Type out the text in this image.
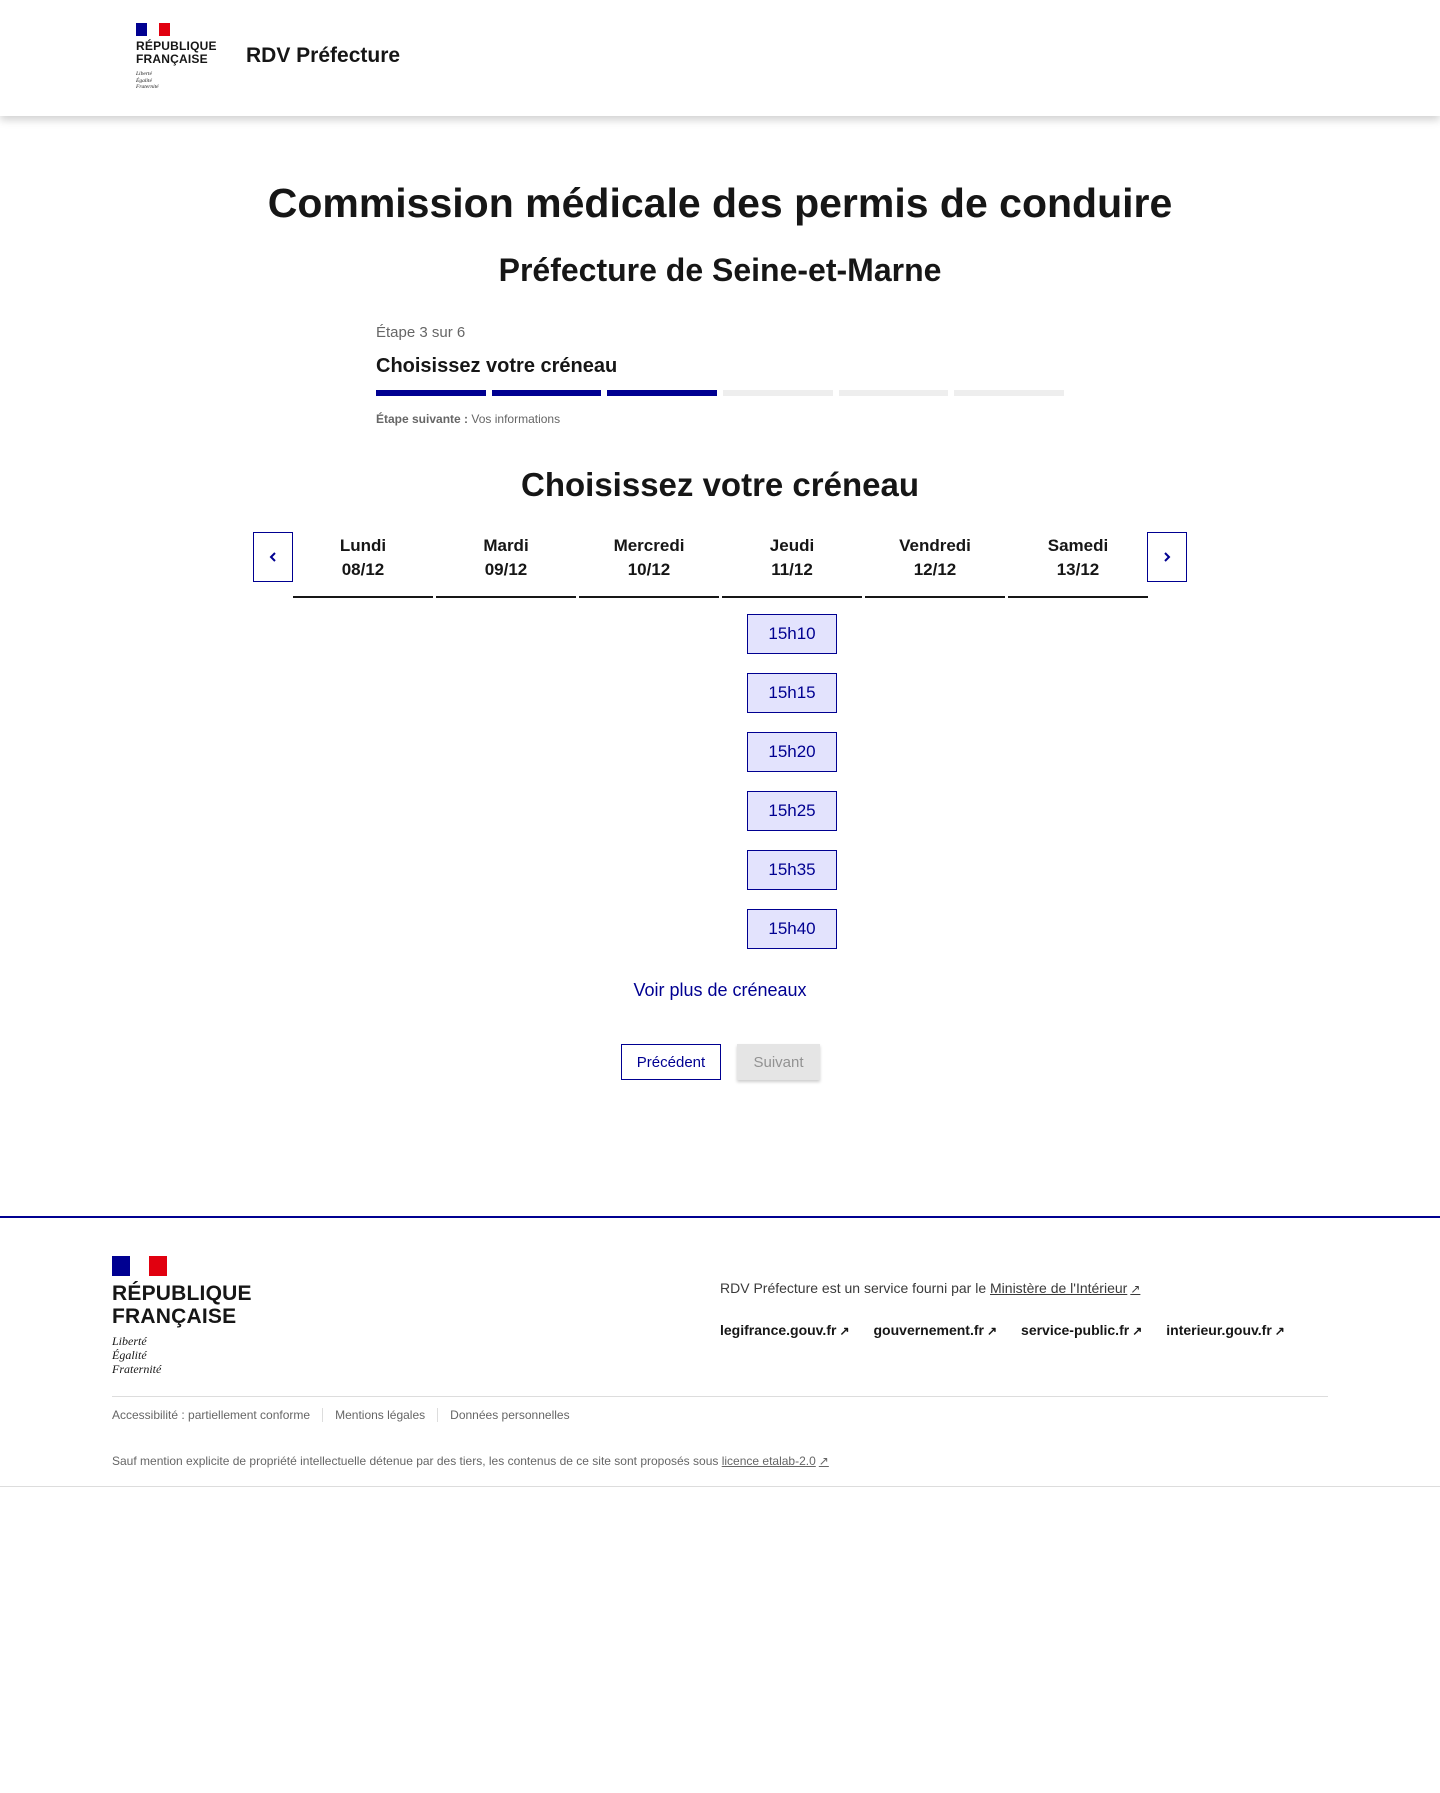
RÉPUBLIQUE
FRANÇAISE
Liberté
Égalité
Fraternité
RDV Préfecture
Commission médicale des permis de conduire
Préfecture de Seine-et-Marne
Étape 3 sur 6
Choisissez votre créneau
Étape suivante : Vos informations
Choisissez votre créneau
Lundi
08/12
Mardi
09/12
Mercredi
10/12
Jeudi
11/12
15h10
15h15
15h20
15h25
15h35
15h40
Vendredi
12/12
Samedi
13/12
Voir plus de créneaux
Précédent	Suivant
RÉPUBLIQUE
FRANÇAISE
Liberté
Égalité
Fraternité
RDV Préfecture est un service fourni par le Ministère de l'Intérieur ↗
legifrance.gouv.fr ↗ gouvernement.fr ↗ service-public.fr ↗ interieur.gouv.fr ↗
Accessibilité : partiellement conforme	Mentions légales	Données personnelles
Sauf mention explicite de propriété intellectuelle détenue par des tiers, les contenus de ce site sont proposés sous licence etalab-2.0 ↗
